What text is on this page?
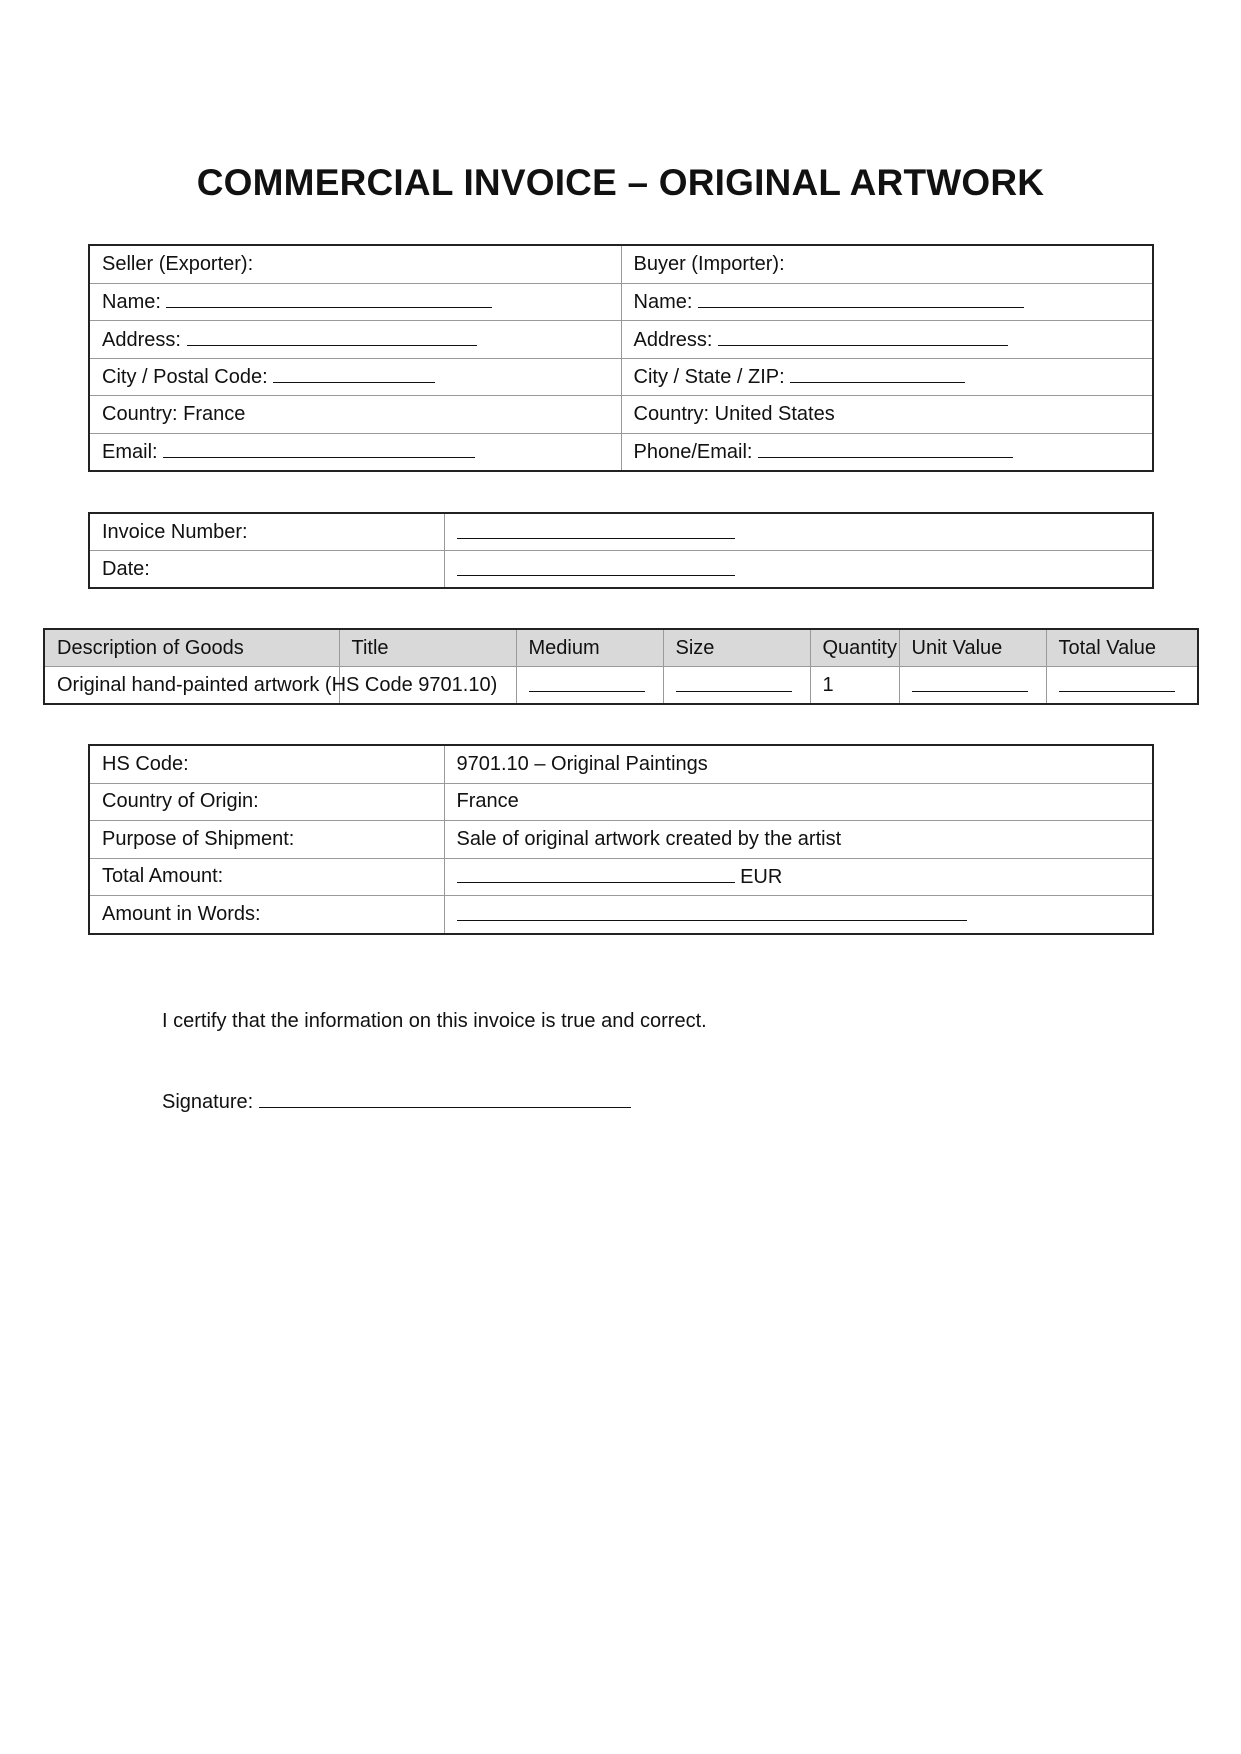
COMMERCIAL INVOICE – ORIGINAL ARTWORK
Seller (Exporter):	Buyer (Importer):
Name:	Name:
Address:	Address:
City / Postal Code:	City / State / ZIP:
Country: France	Country: United States
Email:	Phone/Email:
Invoice Number:	
Date:	
Description of Goods	Title	Medium	Size	Quantity	Unit Value	Total Value
Original hand-painted artwork (HS Code 9701.10)				1		
HS Code:	9701.10 – Original Paintings
Country of Origin:	France
Purpose of Shipment:	Sale of original artwork created by the artist
Total Amount:	EUR
Amount in Words:	
I certify that the information on this invoice is true and correct.
Signature:
